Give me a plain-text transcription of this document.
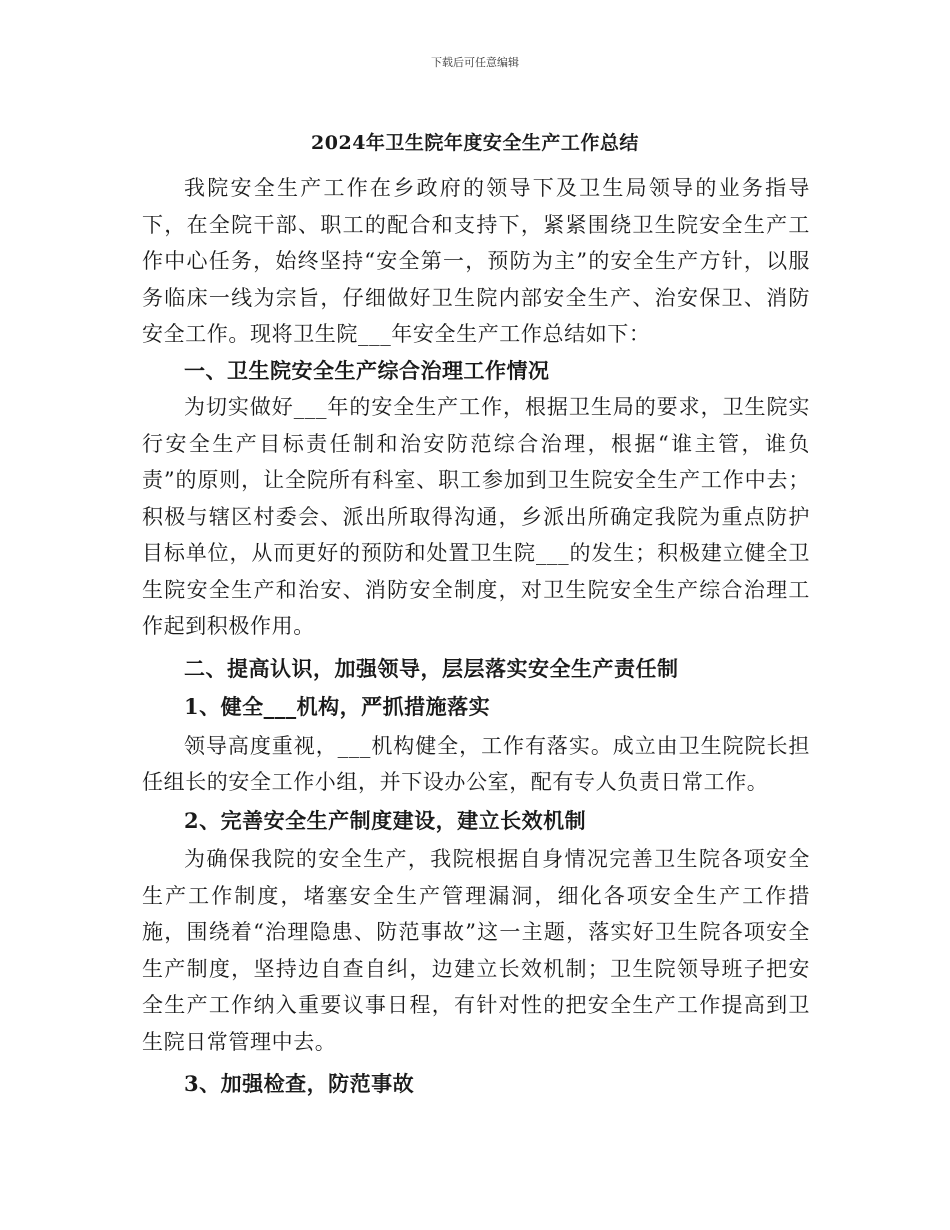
下载后可任意编辑
2024年卫生院年度安全生产工作总结

我院安全生产工作在乡政府的领导下及卫生局领导的业务指导下，在全院干部、职工的配合和支持下，紧紧围绕卫生院安全生产工作中心任务，始终坚持“安全第一，预防为主”的安全生产方针，以服务临床一线为宗旨，仔细做好卫生院内部安全生产、治安保卫、消防安全工作。现将卫生院___年安全生产工作总结如下：

一、卫生院安全生产综合治理工作情况

为切实做好___年的安全生产工作，根据卫生局的要求，卫生院实行安全生产目标责任制和治安防范综合治理，根据“谁主管，谁负责”的原则，让全院所有科室、职工参加到卫生院安全生产工作中去；积极与辖区村委会、派出所取得沟通，乡派出所确定我院为重点防护目标单位，从而更好的预防和处置卫生院___的发生；积极建立健全卫生院安全生产和治安、消防安全制度，对卫生院安全生产综合治理工作起到积极作用。

二、提高认识，加强领导，层层落实安全生产责任制

1、健全___机构，严抓措施落实

领导高度重视，___机构健全，工作有落实。成立由卫生院院长担任组长的安全工作小组，并下设办公室，配有专人负责日常工作。

2、完善安全生产制度建设，建立长效机制

为确保我院的安全生产，我院根据自身情况完善卫生院各项安全生产工作制度，堵塞安全生产管理漏洞，细化各项安全生产工作措施，围绕着“治理隐患、防范事故”这一主题，落实好卫生院各项安全生产制度，坚持边自查自纠，边建立长效机制；卫生院领导班子把安全生产工作纳入重要议事日程，有针对性的把安全生产工作提高到卫生院日常管理中去。

3、加强检查，防范事故
